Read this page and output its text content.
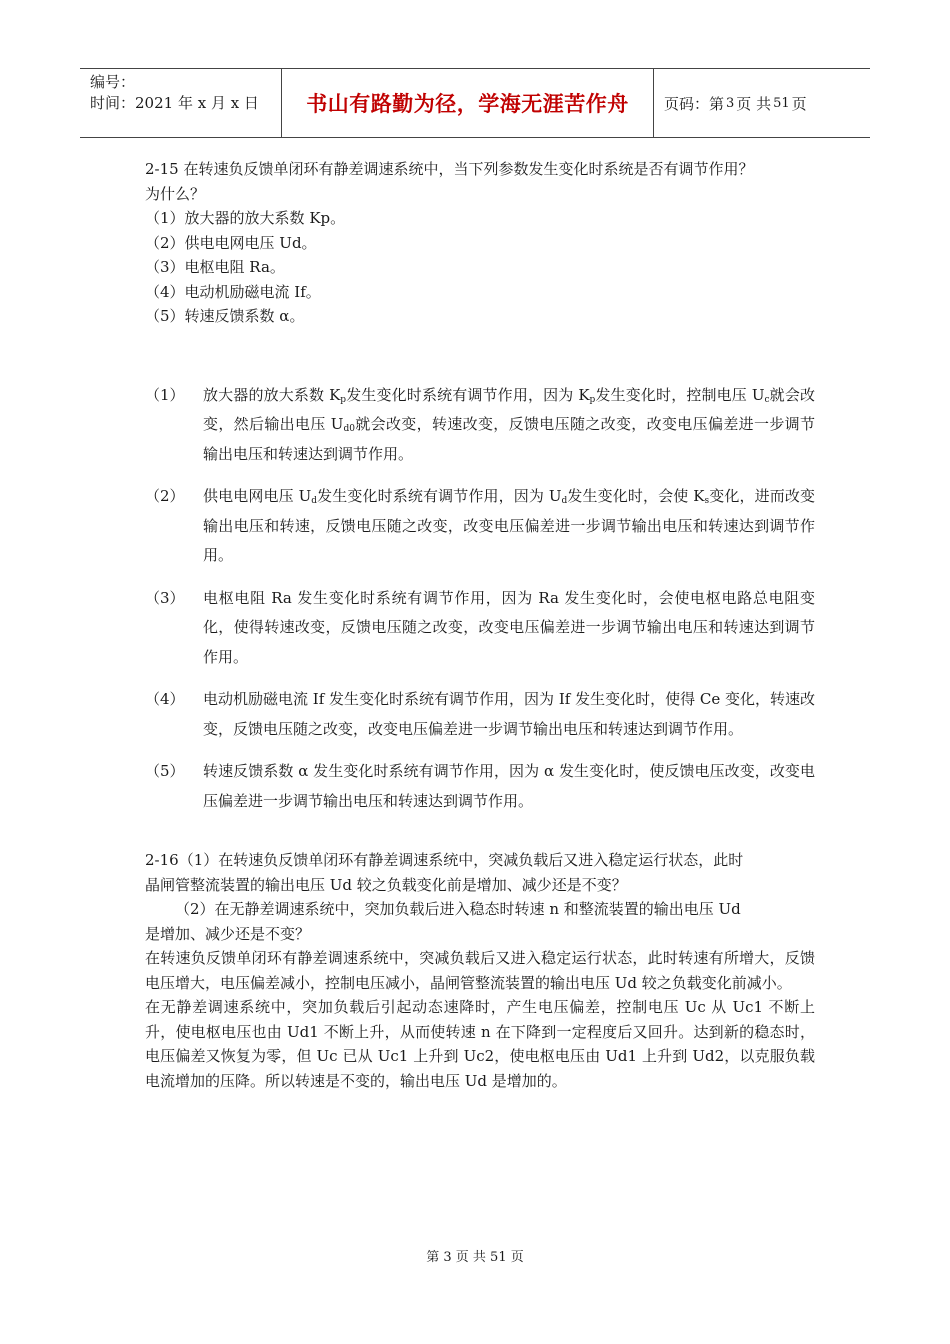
编号：
时间：2021 年 x 月 x 日	书山有路勤为径，学海无涯苦作舟 页码：第 3 页 共 51 页
2-15 在转速负反馈单闭环有静差调速系统中，当下列参数发生变化时系统是否有调节作用？
为什么？
（1）放大器的放大系数 Kp。
（2）供电电网电压 Ud。
（3）电枢电阻 Ra。
（4）电动机励磁电流 If。
（5）转速反馈系数 α。
（1） 放大器的放大系数 $K_p$发生变化时系统有调节作用，因为 $K_p$发生变化时，控制电压 $U_c$就会改变，然后输出电压 $U_{d0}$就会改变，转速改变，反馈电压随之改变，改变电压偏差进一步调节输出电压和转速达到调节作用。
（2） 供电电网电压 $U_d$发生变化时系统有调节作用，因为 $U_d$发生变化时，会使 $K_s$变化，进而改变输出电压和转速，反馈电压随之改变，改变电压偏差进一步调节输出电压和转速达到调节作用。
（3） 电枢电阻 Ra 发生变化时系统有调节作用，因为 Ra 发生变化时，会使电枢电路总电阻变化，使得转速改变，反馈电压随之改变，改变电压偏差进一步调节输出电压和转速达到调节作用。
（4） 电动机励磁电流 If 发生变化时系统有调节作用，因为 If 发生变化时，使得 Ce 变化，转速改变，反馈电压随之改变，改变电压偏差进一步调节输出电压和转速达到调节作用。
（5） 转速反馈系数 α 发生变化时系统有调节作用，因为 α 发生变化时，使反馈电压改变，改变电压偏差进一步调节输出电压和转速达到调节作用。
2-16（1）在转速负反馈单闭环有静差调速系统中，突减负载后又进入稳定运行状态，此时
晶闸管整流装置的输出电压 Ud 较之负载变化前是增加、减少还是不变？
（2）在无静差调速系统中，突加负载后进入稳态时转速 n 和整流装置的输出电压 Ud
是增加、减少还是不变？
在转速负反馈单闭环有静差调速系统中，突减负载后又进入稳定运行状态，此时转速有所增大，反馈电压增大，电压偏差减小，控制电压减小，晶闸管整流装置的输出电压 Ud 较之负载变化前减小。
在无静差调速系统中，突加负载后引起动态速降时，产生电压偏差，控制电压 Uc 从 Uc1 不断上升，使电枢电压也由 Ud1 不断上升，从而使转速 n 在下降到一定程度后又回升。达到新的稳态时，电压偏差又恢复为零，但 Uc 已从 Uc1 上升到 Uc2，使电枢电压由 Ud1 上升到 Ud2，以克服负载电流增加的压降。所以转速是不变的，输出电压 Ud 是增加的。
第 3 页 共 51 页
